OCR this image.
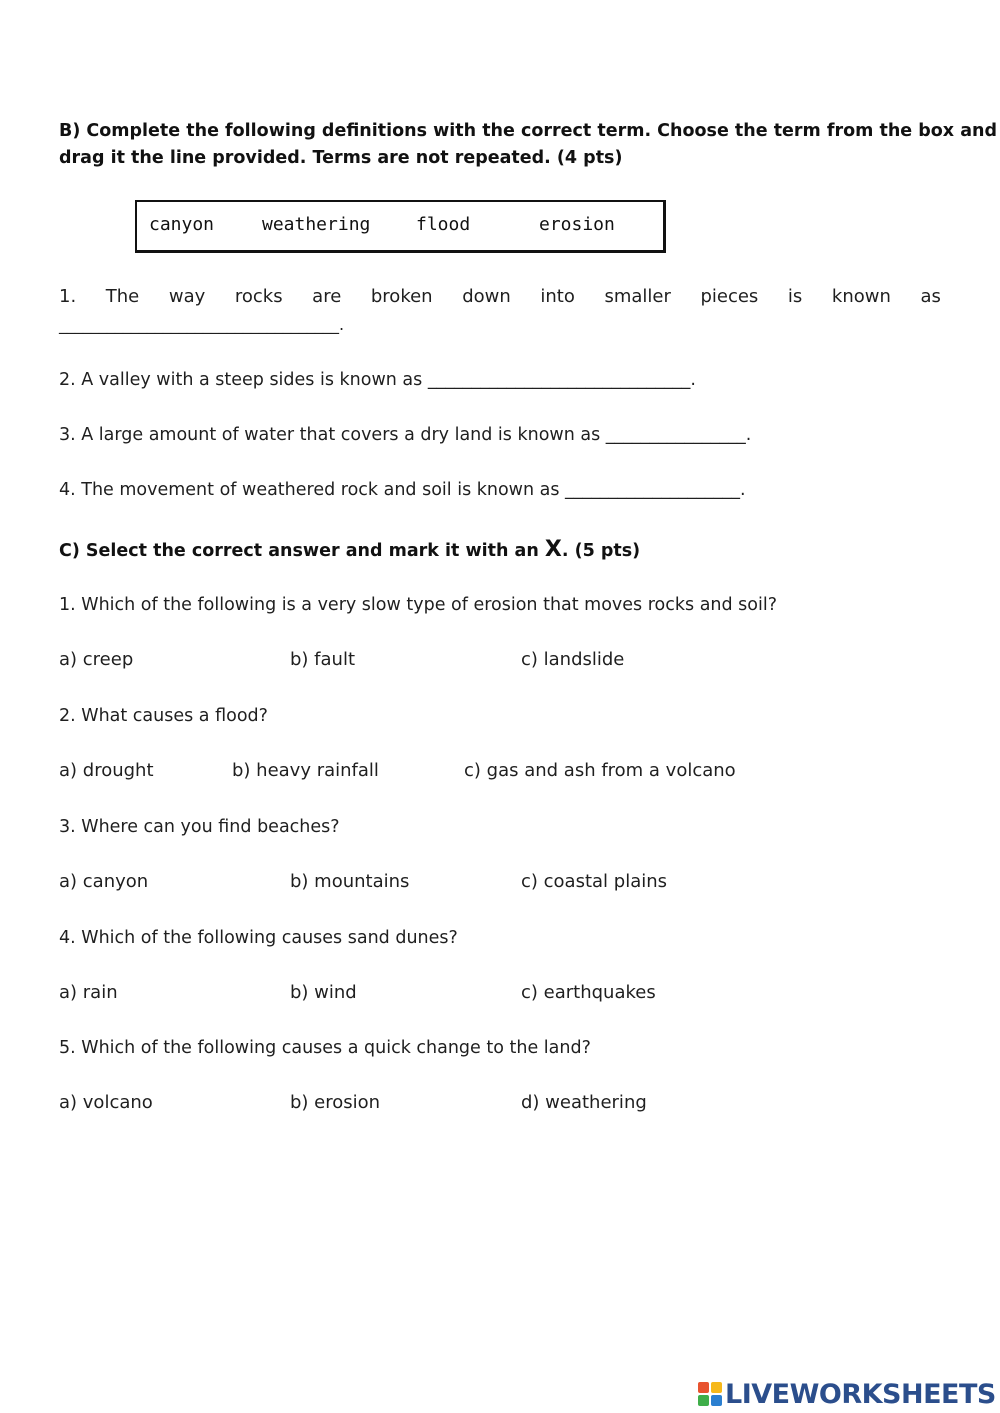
B) Complete the following definitions with the correct term. Choose the term from the box and
drag it the line provided. Terms are not repeated. (4 pts)
canyon	weathering	flood	erosion
1. The way rocks are broken down into smaller pieces is known as
___________________________________.
2. A valley with a steep sides is known as ______________________________.
3. A large amount of water that covers a dry land is known as ________________.
4. The movement of weathered rock and soil is known as ____________________.
C) Select the correct answer and mark it with an X. (5 pts)
1. Which of the following is a very slow type of erosion that moves rocks and soil?
a) creep	b) fault	c) landslide
2. What causes a flood?
a) drought	b) heavy rainfall	c) gas and ash from a volcano
3. Where can you find beaches?
a) canyon	b) mountains	c) coastal plains
4. Which of the following causes sand dunes?
a) rain	b) wind	c) earthquakes
5. Which of the following causes a quick change to the land?
a) volcano	b) erosion	d) weathering
LIVEWORKSHEETS
